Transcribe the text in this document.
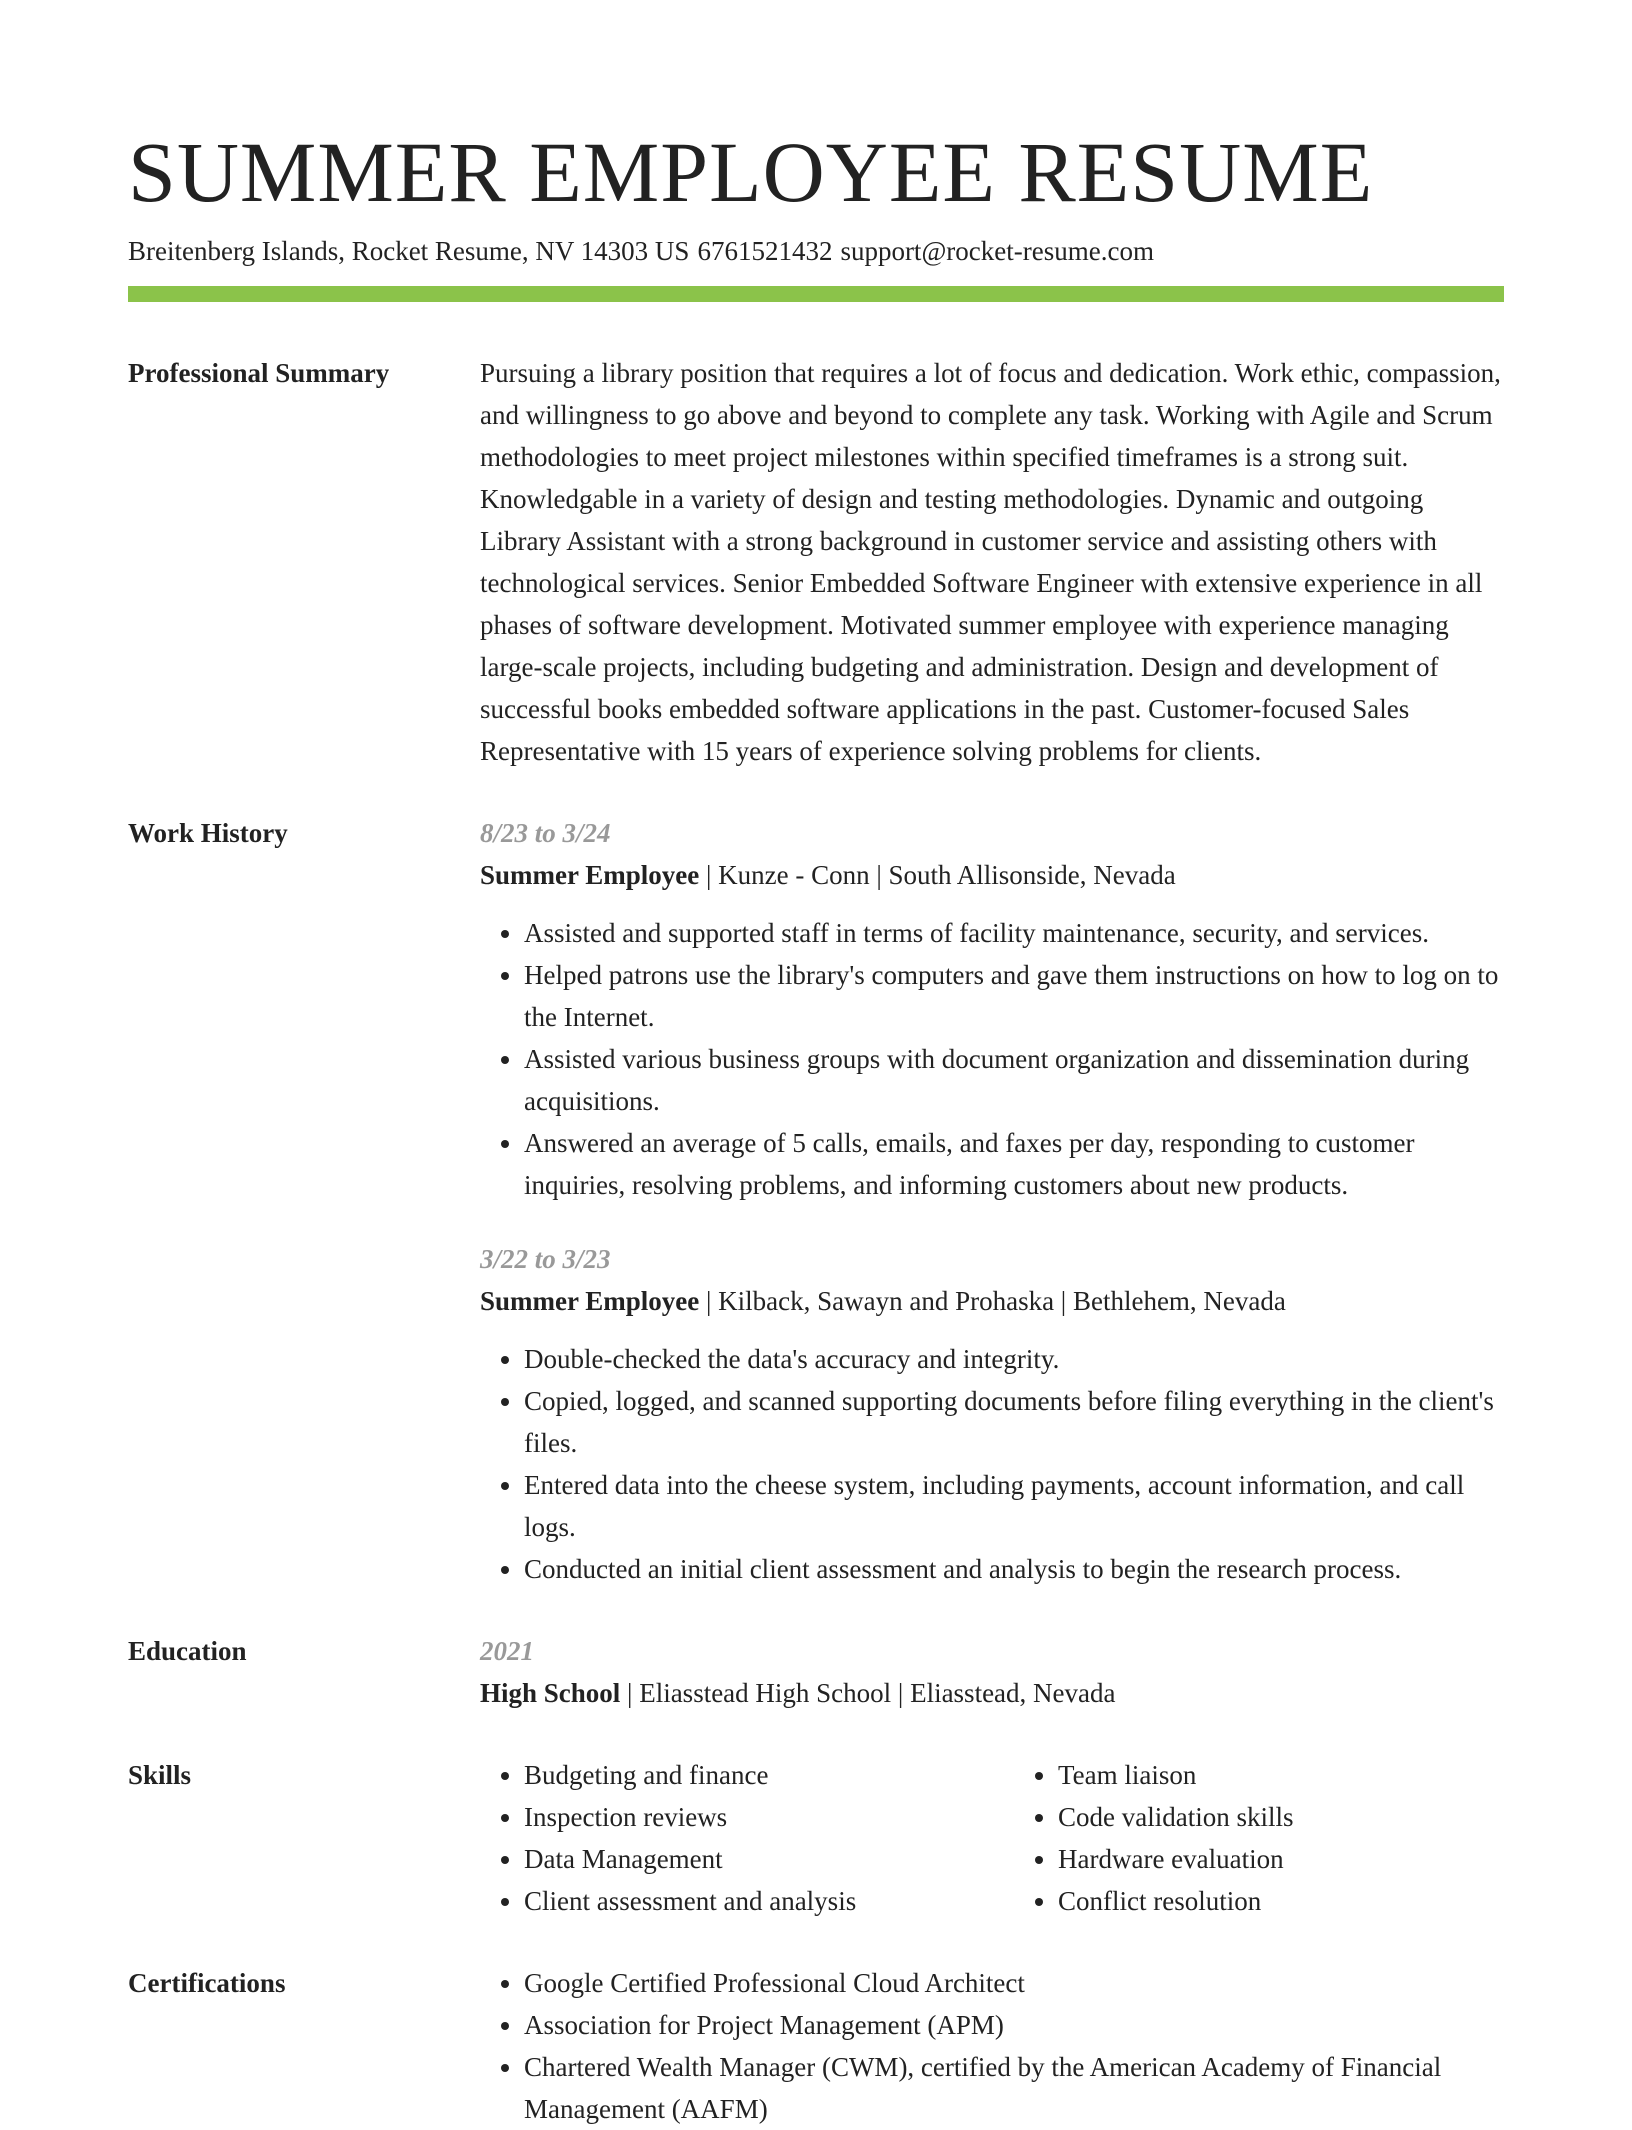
SUMMER EMPLOYEE RESUME
Breitenberg Islands, Rocket Resume, NV 14303 US 6761521432 support@rocket-resume.com
Professional Summary	Pursuing a library position that requires a lot of focus and dedication. Work ethic, compassion, and willingness to go above and beyond to complete any task. Working with Agile and Scrum methodologies to meet project milestones within specified timeframes is a strong suit. Knowledgable in a variety of design and testing methodologies. Dynamic and outgoing Library Assistant with a strong background in customer service and assisting others with technological services. Senior Embedded Software Engineer with extensive experience in all phases of software development. Motivated summer employee with experience managing large-scale projects, including budgeting and administration. Design and development of successful books embedded software applications in the past. Customer-focused Sales Representative with 15 years of experience solving problems for clients.

Work History	8/23 to 3/24
Summer Employee | Kunze - Conn | South Allisonside, Nevada
• Assisted and supported staff in terms of facility maintenance, security, and services.
• Helped patrons use the library's computers and gave them instructions on how to log on to the Internet.
• Assisted various business groups with document organization and dissemination during acquisitions.
• Answered an average of 5 calls, emails, and faxes per day, responding to customer inquiries, resolving problems, and informing customers about new products.
3/22 to 3/23
Summer Employee | Kilback, Sawayn and Prohaska | Bethlehem, Nevada
• Double-checked the data's accuracy and integrity.
• Copied, logged, and scanned supporting documents before filing everything in the client's files.
• Entered data into the cheese system, including payments, account information, and call logs.
• Conducted an initial client assessment and analysis to begin the research process.
Education	2021
High School | Eliasstead High School | Eliasstead, Nevada
Skills	• Budgeting and finance
• Inspection reviews
• Data Management
• Client assessment and analysis
• Team liaison
• Code validation skills
• Hardware evaluation
• Conflict resolution
Certifications	• Google Certified Professional Cloud Architect
• Association for Project Management (APM)
• Chartered Wealth Manager (CWM), certified by the American Academy of Financial Management (AAFM)
